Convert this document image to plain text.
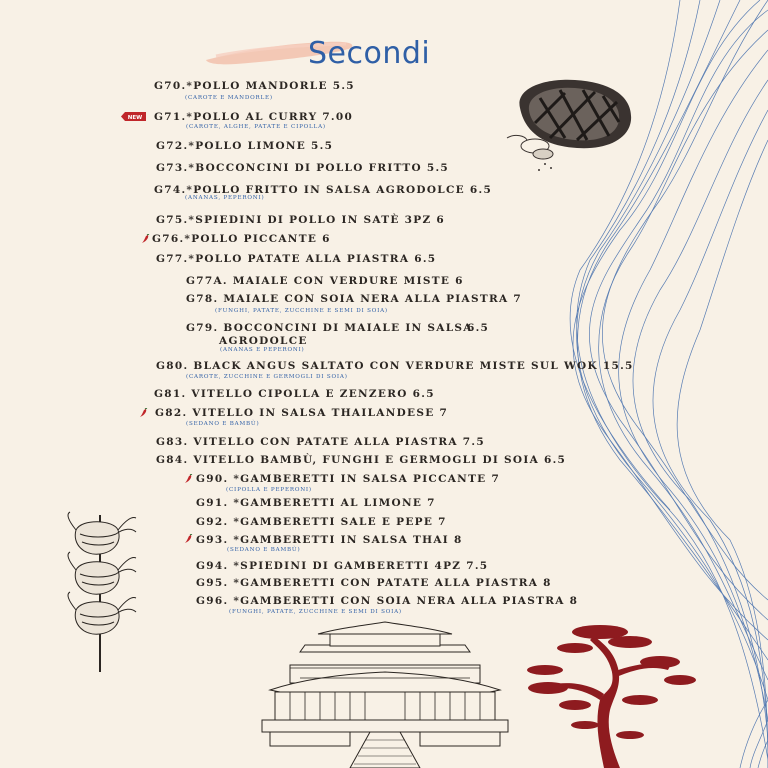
Secondi
NEW
G70.*POLLO MANDORLE 5.5
(CAROTE E MANDORLE)
G71.*POLLO AL CURRY 7.00
(CAROTE, ALGHE, PATATE E CIPOLLA)
G72.*POLLO LIMONE 5.5
G73.*BOCCONCINI DI POLLO FRITTO 5.5
G74.*POLLO FRITTO IN SALSA AGRODOLCE 6.5
(ANANAS, PEPERONI)
G75.*SPIEDINI DI POLLO IN SATÈ 3PZ 6
G76.*POLLO PICCANTE 6
G77.*POLLO PATATE ALLA PIASTRA 6.5
G77A. MAIALE CON VERDURE MISTE 6
G78. MAIALE CON SOIA NERA ALLA PIASTRA 7
(FUNGHI, PATATE, ZUCCHINE E SEMI DI SOIA)
G79. BOCCONCINI DI MAIALE IN SALSA
6.5
AGRODOLCE
(ANANAS E PEPERONI)
G80. BLACK ANGUS SALTATO CON VERDURE MISTE SUL WOK 15.5
(CAROTE, ZUCCHINE E GERMOGLI DI SOIA)
G81. VITELLO CIPOLLA E ZENZERO 6.5
G82. VITELLO IN SALSA THAILANDESE 7
(SEDANO E BAMBÙ)
G83. VITELLO CON PATATE ALLA PIASTRA 7.5
G84. VITELLO BAMBÙ, FUNGHI E GERMOGLI DI SOIA 6.5
G90. *GAMBERETTI IN SALSA PICCANTE 7
(CIPOLLA E PEPERONI)
G91. *GAMBERETTI AL LIMONE 7
G92. *GAMBERETTI SALE E PEPE 7
G93. *GAMBERETTI IN SALSA THAI 8
(SEDANO E BAMBÙ)
G94. *SPIEDINI DI GAMBERETTI 4PZ 7.5
G95. *GAMBERETTI CON PATATE ALLA PIASTRA 8
G96. *GAMBERETTI CON SOIA NERA ALLA PIASTRA 8
(FUNGHI, PATATE, ZUCCHINE E SEMI DI SOIA)
